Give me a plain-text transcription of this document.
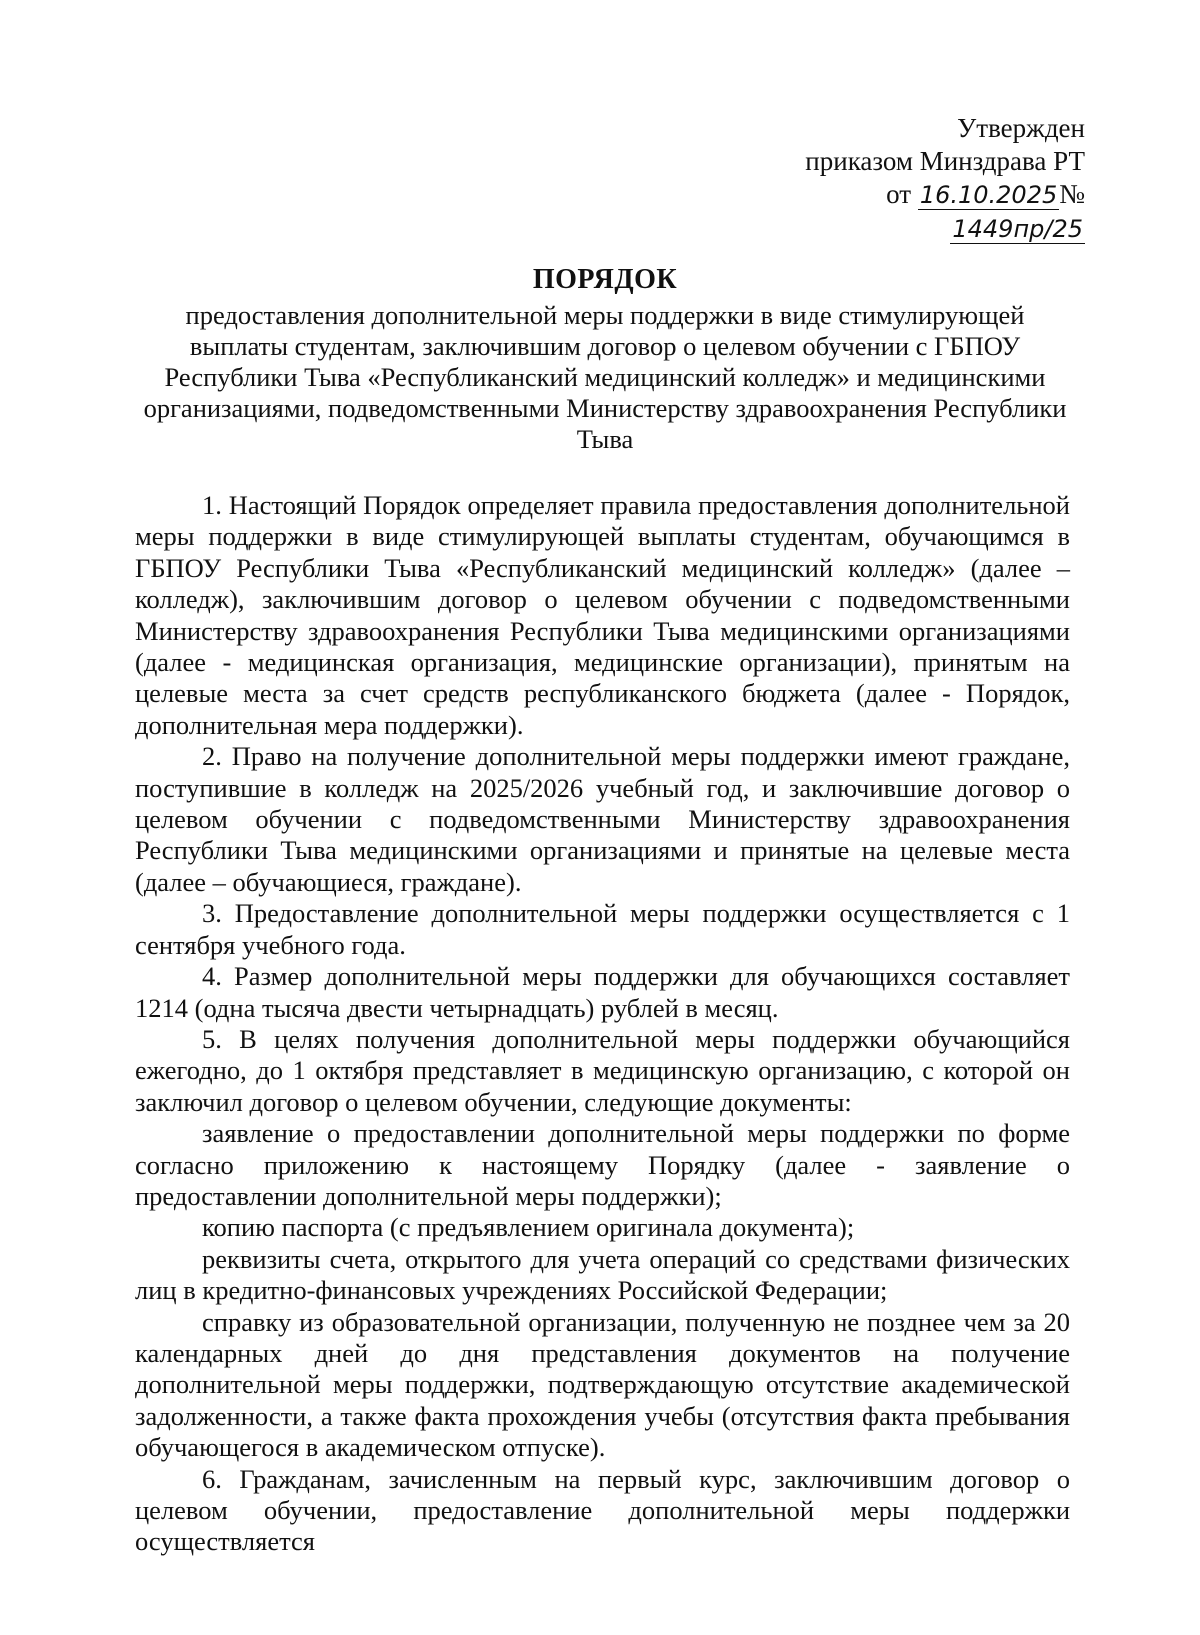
Утвержден
приказом Минздрава РТ
от 16.10.2025№ 1449пр/25
ПОРЯДОК

предоставления дополнительной меры поддержки в виде стимулирующей выплаты студентам, заключившим договор о целевом обучении с ГБПОУ Республики Тыва «Республиканский медицинский колледж» и медицинскими организациями, подведомственными Министерству здравоохранения Республики Тыва

1. Настоящий Порядок определяет правила предоставления дополнительной меры поддержки в виде стимулирующей выплаты студентам, обучающимся в ГБПОУ Республики Тыва «Республиканский медицинский колледж» (далее – колледж), заключившим договор о целевом обучении с подведомственными Министерству здравоохранения Республики Тыва медицинскими организациями (далее - медицинская организация, медицинские организации), принятым на целевые места за счет средств республиканского бюджета (далее - Порядок, дополнительная мера поддержки).

2. Право на получение дополнительной меры поддержки имеют граждане, поступившие в колледж на 2025/2026 учебный год, и заключившие договор о целевом обучении с подведомственными Министерству здравоохранения Республики Тыва медицинскими организациями и принятые на целевые места (далее – обучающиеся, граждане).

3. Предоставление дополнительной меры поддержки осуществляется с 1 сентября учебного года.

4. Размер дополнительной меры поддержки для обучающихся составляет 1214 (одна тысяча двести четырнадцать) рублей в месяц.

5. В целях получения дополнительной меры поддержки обучающийся ежегодно, до 1 октября представляет в медицинскую организацию, с которой он заключил договор о целевом обучении, следующие документы:

заявление о предоставлении дополнительной меры поддержки по форме согласно приложению к настоящему Порядку (далее - заявление о предоставлении дополнительной меры поддержки);

копию паспорта (с предъявлением оригинала документа);

реквизиты счета, открытого для учета операций со средствами физических лиц в кредитно-финансовых учреждениях Российской Федерации;

справку из образовательной организации, полученную не позднее чем за 20 календарных дней до дня представления документов на получение дополнительной меры поддержки, подтверждающую отсутствие академической задолженности, а также факта прохождения учебы (отсутствия факта пребывания обучающегося в академическом отпуске).

6. Гражданам, зачисленным на первый курс, заключившим договор о целевом обучении, предоставление дополнительной меры поддержки осуществляется
